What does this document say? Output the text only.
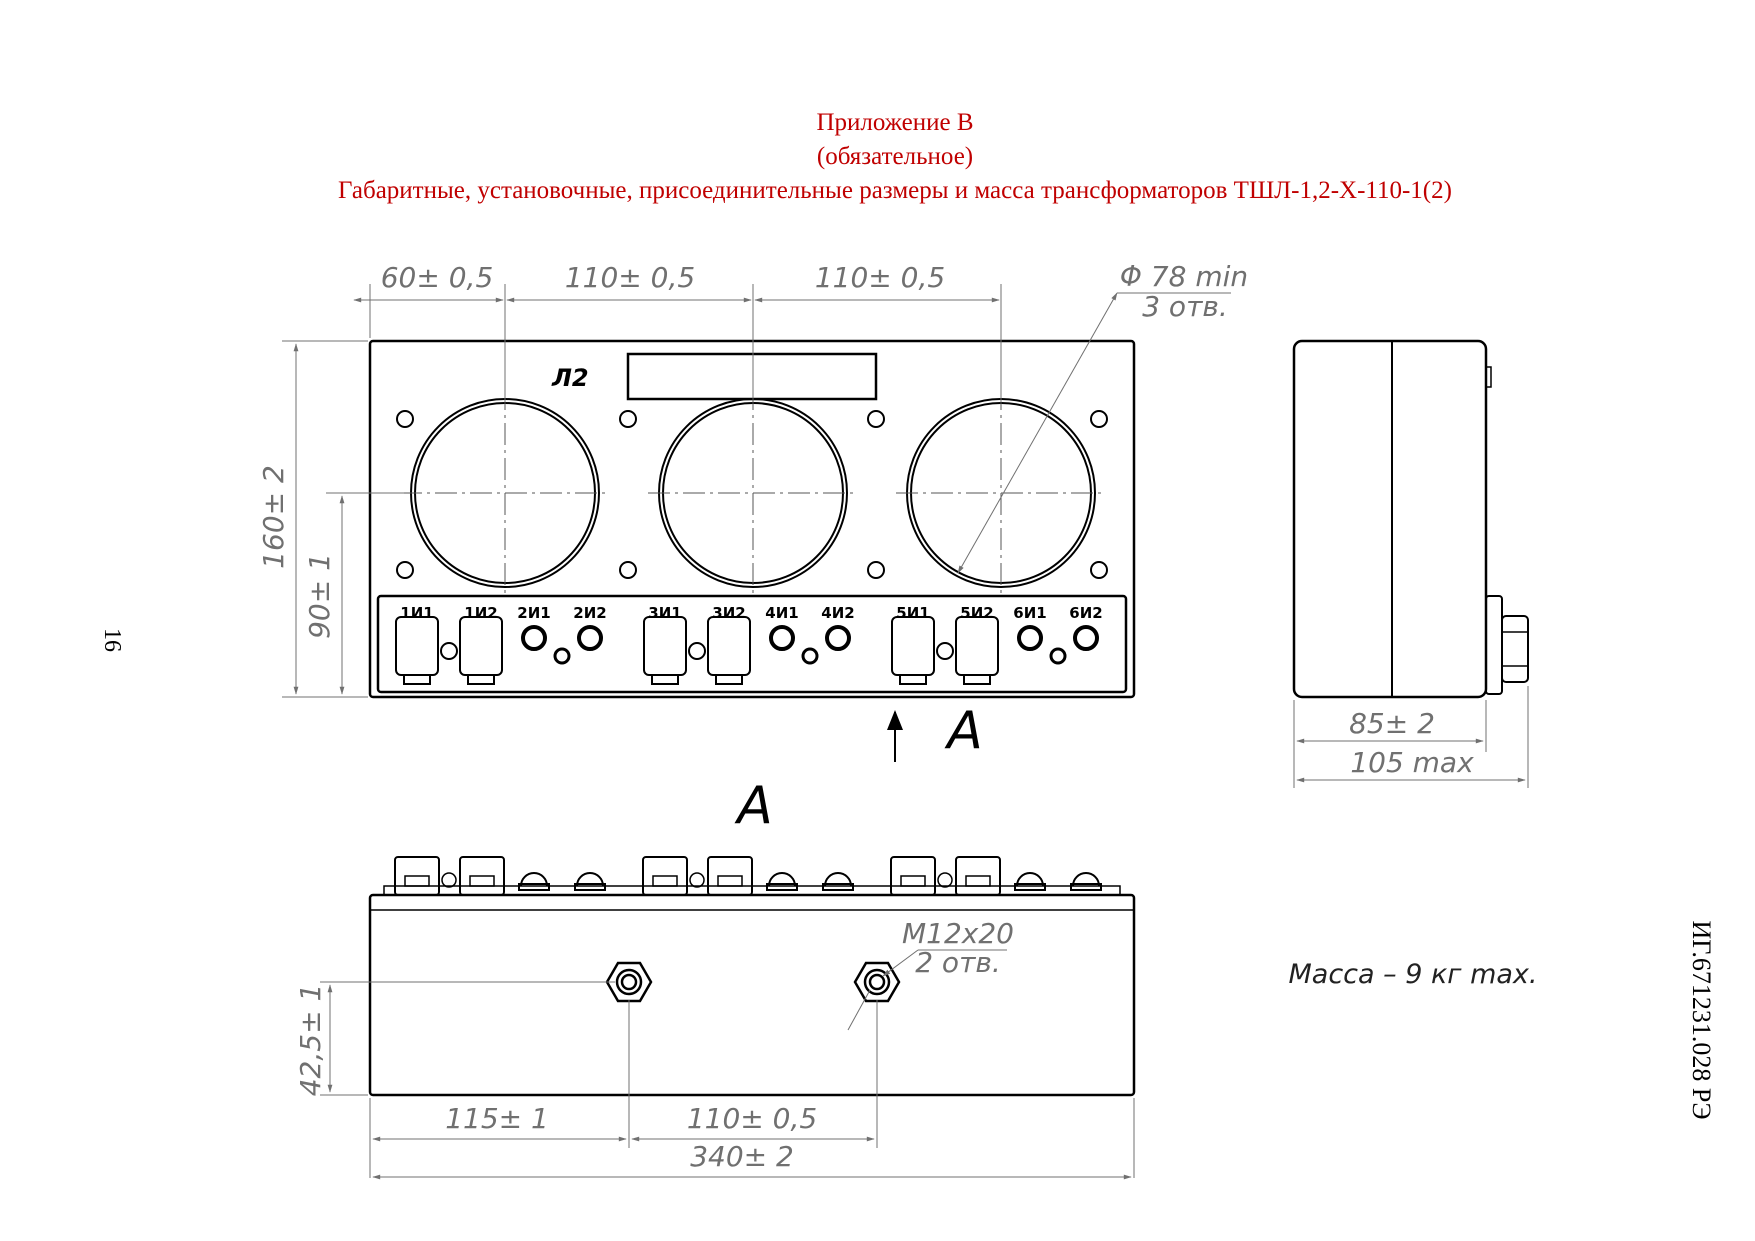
Приложение В
(обязательное)
Габаритные, установочные, присоединительные размеры и масса трансформаторов ТШЛ-1,2-Х-110-1(2)
16
ИГ.671231.028 РЭ
Л2
1И1 1И2 2И1 2И2	3И1 3И2 4И1 4И2	5И1 5И2 6И1 6И2
60± 0,5	110± 0,5	110± 0,5	Φ 78 min
3 отв.
160± 2
90± 1
A	85± 2
105 max
A
M12x20
2 отв.
42,5± 1
115± 1	110± 0,5
340± 2
Масса – 9 кг max.
